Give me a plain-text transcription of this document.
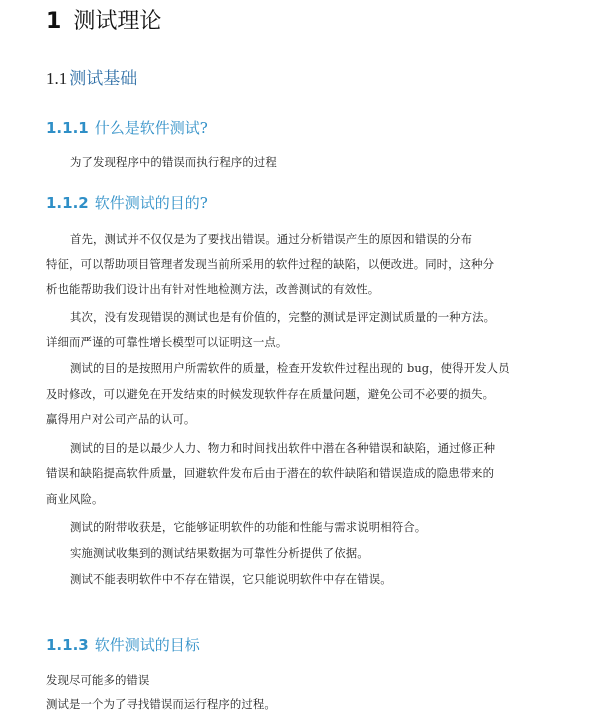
1 测试理论
1.1 测试基础
1.1.1 什么是软件测试?
为了发现程序中的错误而执行程序的过程
1.1.2 软件测试的目的?
首先，测试并不仅仅是为了要找出错误。通过分析错误产生的原因和错误的分布
特征，可以帮助项目管理者发现当前所采用的软件过程的缺陷，以便改进。同时，这种分
析也能帮助我们设计出有针对性地检测方法，改善测试的有效性。
其次，没有发现错误的测试也是有价值的，完整的测试是评定测试质量的一种方法。
详细而严谨的可靠性增长模型可以证明这一点。
测试的目的是按照用户所需软件的质量，检查开发软件过程出现的 bug，使得开发人员
及时修改，可以避免在开发结束的时候发现软件存在质量问题，避免公司不必要的损失。
赢得用户对公司产品的认可。
测试的目的是以最少人力、物力和时间找出软件中潜在各种错误和缺陷，通过修正种
错误和缺陷提高软件质量，回避软件发布后由于潜在的软件缺陷和错误造成的隐患带来的
商业风险。
测试的附带收获是，它能够证明软件的功能和性能与需求说明相符合。
实施测试收集到的测试结果数据为可靠性分析提供了依据。
测试不能表明软件中不存在错误，它只能说明软件中存在错误。
1.1.3 软件测试的目标
发现尽可能多的错误
测试是一个为了寻找错误而运行程序的过程。
